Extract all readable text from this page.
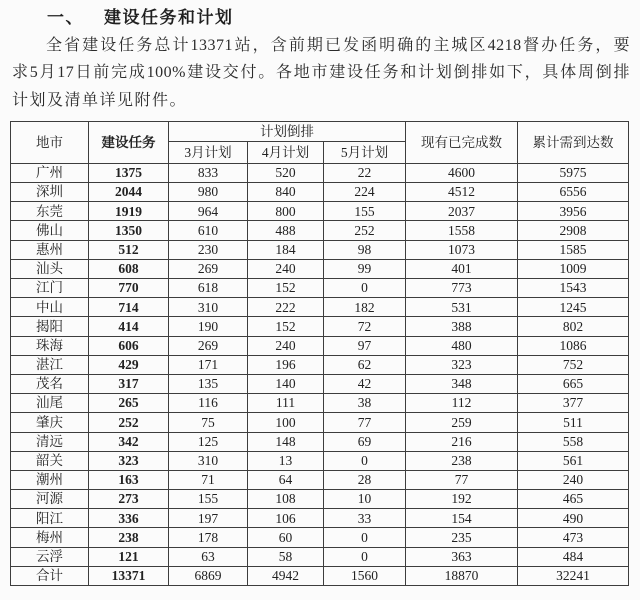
一、 建设任务和计划
全省建设任务总计13371站，含前期已发函明确的主城区4218督办任务，要
求5月17日前完成100%建设交付。各地市建设任务和计划倒排如下，具体周倒排
计划及清单详见附件。
地市	建设任务	计划倒排			现有已完成数	累计需到达数
		3月计划	4月计划	5月计划		
广州	1375	833	520	22	4600	5975
深圳	2044	980	840	224	4512	6556
东莞	1919	964	800	155	2037	3956
佛山	1350	610	488	252	1558	2908
惠州	512	230	184	98	1073	1585
汕头	608	269	240	99	401	1009
江门	770	618	152	0	773	1543
中山	714	310	222	182	531	1245
揭阳	414	190	152	72	388	802
珠海	606	269	240	97	480	1086
湛江	429	171	196	62	323	752
茂名	317	135	140	42	348	665
汕尾	265	116	111	38	112	377
肇庆	252	75	100	77	259	511
清远	342	125	148	69	216	558
韶关	323	310	13	0	238	561
潮州	163	71	64	28	77	240
河源	273	155	108	10	192	465
阳江	336	197	106	33	154	490
梅州	238	178	60	0	235	473
云浮	121	63	58	0	363	484
合计	13371	6869	4942	1560	18870	32241
